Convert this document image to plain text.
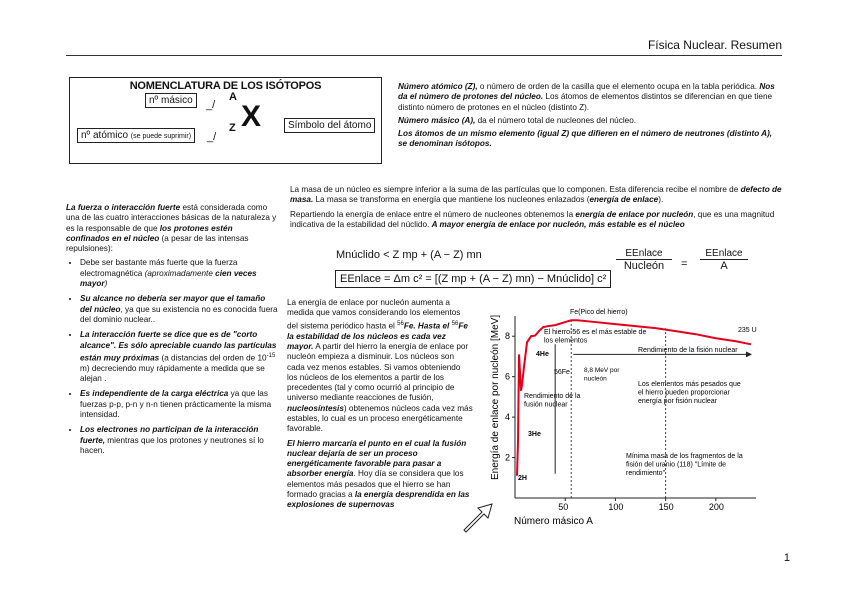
Física Nuclear. Resumen
NOMENCLATURA DE LOS ISÓTOPOS
nº másico	_/
A
X
Z
_/
nº atómico (se puede suprimir)
Símbolo del átomo

Número atómico (Z), o número de orden de la casilla que el elemento ocupa en la tabla periódica. Nos da el número de protones del núcleo. Los átomos de elementos distintos se diferencian en que tiene distinto número de protones en el núcleo (distinto Z).

Número másico (A), da el número total de nucleones del núcleo.

Los átomos de un mismo elemento (igual Z) que difieren en el número de neutrones (distinto A), se denominan isótopos.

La fuerza o interacción fuerte está considerada como una de las cuatro interacciones básicas de la naturaleza y es la responsable de que los protones estén confinados en el núcleo (a pesar de las intensas repulsiones):

• Debe ser bastante más fuerte que la fuerza electromagnética (aproximadamente cien veces mayor)
• Su alcance no debería ser mayor que el tamaño del núcleo, ya que su existencia no es conocida fuera del dominio nuclear..
• La interacción fuerte se dice que es de "corto alcance". Es sólo apreciable cuando las partículas están muy próximas (a distancias del orden de $10^{-15}$ m) decreciendo muy rápidamente a medida que se alejan .
• Es independiente de la carga eléctrica ya que las fuerzas p-p, p-n y n-n tienen prácticamente la misma intensidad.
• Los electrones no participan de la interacción fuerte, mientras que los protones y neutrones sí lo hacen.

La masa de un núcleo es siempre inferior a la suma de las partículas que lo componen. Esta diferencia recibe el nombre de defecto de masa. La masa se transforma en energía que mantiene los nucleones enlazados (energía de enlace).

Repartiendo la energía de enlace entre el número de nucleones obtenemos la energía de enlace por nucleón, que es una magnitud indicativa de la estabilidad del núclido. A mayor energía de enlace por nucleón, más estable es el núcleo

Mnúclido < Z mp + (A − Z) mn
EEnlace = Δm c² = [(Z mp + (A − Z) mn) − Mnúclido] c²
EEnlace
Nucleón	=
EEnlace
A

La energía de enlace por nucleón aumenta a medida que vamos considerando los elementos del sistema periódico hasta el $^{56}$Fe. Hasta el $^{56}$Fe la estabilidad de los núcleos es cada vez mayor. A partir del hierro la energía de enlace por nucleón empieza a disminuir. Los núcleos son cada vez menos estables. Si vamos obteniendo los núcleos de los elementos a partir de los precedentes (tal y como ocurrió al principio de universo mediante reacciones de fusión, nucleosíntesis) obtenemos núcleos cada vez más estables, lo cual es un proceso energéticamente favorable.

El hierro marcaría el punto en el cual la fusión nuclear dejaría de ser un proceso energéticamente favorable para pasar a absorber energía. Hoy día se considera que los elementos más pesados que el hierro se han formado gracias a la energía desprendida en las explosiones de supernovas

8
6
4
2
200
150
100
50
Número másico A
Energía de enlace por nucleón [MeV]
Fe(Pico del hierro)
El hierro-56 es el más estable de los elementos
4He
56Fe 8,8 MeV por nucleón
Rendimiento de la fusión nuclear
Rendimiento de la fisión nuclear
Los elementos más pesados que el hierro pueden proporcionar energía por fisión nuclear
3He
2H
235 U
Mínima masa de los fragmentos de la fisión del uranio (118) "Límite de rendimiento"
1
